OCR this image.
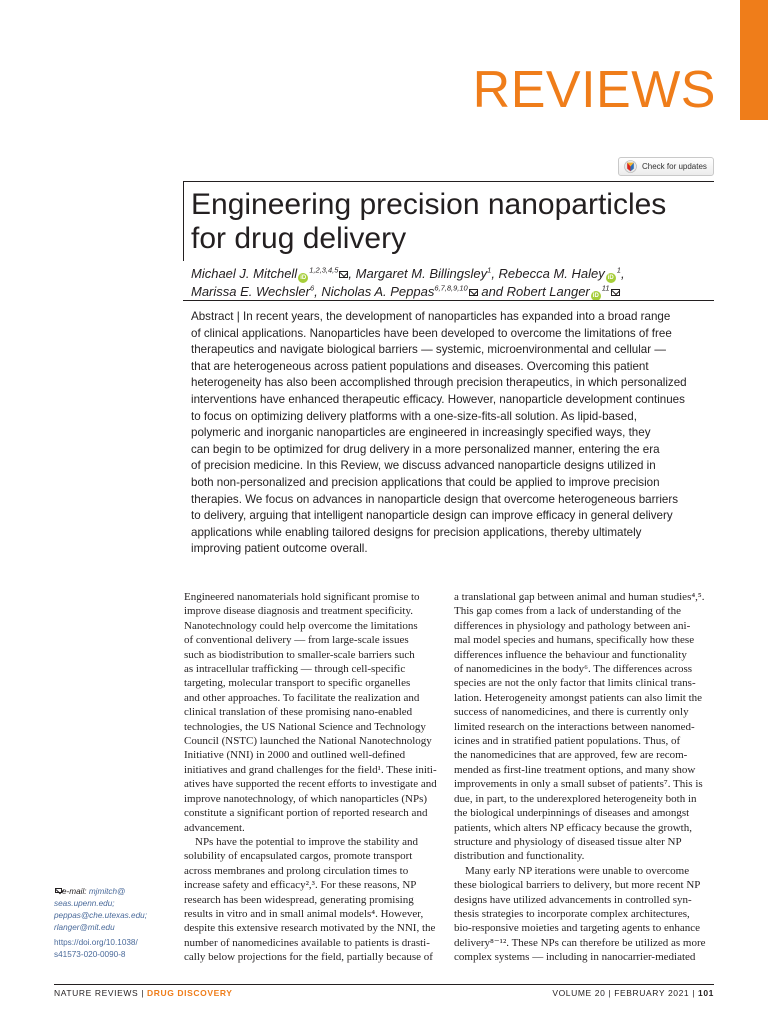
REVIEWS
Check for updates
Engineering precision nanoparticles
for drug delivery
Michael J. Mitchell iD$^{1,2,3,4,5}$ , Margaret M. Billingsley$^1$, Rebecca M. Haley $iD^1$,
Marissa E. Wechsler$^6$, Nicholas A. Peppas$^{6,7,8,9,10}$ and Robert Langer $iD^{11}$
Abstract | In recent years, the development of nanoparticles has expanded into a broad range
of clinical applications. Nanoparticles have been developed to overcome the limitations of free
therapeutics and navigate biological barriers — systemic, microenvironmental and cellular —
that are heterogeneous across patient populations and diseases. Overcoming this patient
heterogeneity has also been accomplished through precision therapeutics, in which personalized
interventions have enhanced therapeutic efficacy. However, nanoparticle development continues
to focus on optimizing delivery platforms with a one-size-fits-all solution. As lipid-based,
polymeric and inorganic nanoparticles are engineered in increasingly specified ways, they
can begin to be optimized for drug delivery in a more personalized manner, entering the era
of precision medicine. In this Review, we discuss advanced nanoparticle designs utilized in
both non-personalized and precision applications that could be applied to improve precision
therapies. We focus on advances in nanoparticle design that overcome heterogeneous barriers
to delivery, arguing that intelligent nanoparticle design can improve efficacy in general delivery
applications while enabling tailored designs for precision applications, thereby ultimately
improving patient outcome overall.
Engineered nanomaterials hold significant promise to
improve disease diagnosis and treatment specificity.
Nanotechnology could help overcome the limitations
of conventional delivery — from large-scale issues
such as biodistribution to smaller-scale barriers such
as intracellular trafficking — through cell-specific
targeting, molecular transport to specific organelles
and other approaches. To facilitate the realization and
clinical translation of these promising nano-enabled
technologies, the US National Science and Technology
Council (NSTC) launched the National Nanotechnology
Initiative (NNI) in 2000 and outlined well-defined
initiatives and grand challenges for the field¹. These initi-
atives have supported the recent efforts to investigate and
improve nanotechnology, of which nanoparticles (NPs)
constitute a significant portion of reported research and
advancement.
NPs have the potential to improve the stability and
solubility of encapsulated cargos, promote transport
across membranes and prolong circulation times to
increase safety and efficacy²,³. For these reasons, NP
research has been widespread, generating promising
results in vitro and in small animal models⁴. However,
despite this extensive research motivated by the NNI, the
number of nanomedicines available to patients is drasti-
cally below projections for the field, partially because of
a translational gap between animal and human studies⁴,⁵.
This gap comes from a lack of understanding of the
differences in physiology and pathology between ani-
mal model species and humans, specifically how these
differences influence the behaviour and functionality
of nanomedicines in the body⁶. The differences across
species are not the only factor that limits clinical trans-
lation. Heterogeneity amongst patients can also limit the
success of nanomedicines, and there is currently only
limited research on the interactions between nanomed-
icines and in stratified patient populations. Thus, of
the nanomedicines that are approved, few are recom-
mended as first-line treatment options, and many show
improvements in only a small subset of patients⁷. This is
due, in part, to the underexplored heterogeneity both in
the biological underpinnings of diseases and amongst
patients, which alters NP efficacy because the growth,
structure and physiology of diseased tissue alter NP
distribution and functionality.
Many early NP iterations were unable to overcome
these biological barriers to delivery, but more recent NP
designs have utilized advancements in controlled syn-
thesis strategies to incorporate complex architectures,
bio-responsive moieties and targeting agents to enhance
delivery⁸⁻¹². These NPs can therefore be utilized as more
complex systems — including in nanocarrier-mediated
e-mail: mjmitch@
seas.upenn.edu;
peppas@che.utexas.edu;
rlanger@mit.edu
https://doi.org/10.1038/
s41573-020-0090-8
NATURE REVIEWS | DRUG DISCOVERY	VOLUME 20 | FEBRUARY 2021 | 101
